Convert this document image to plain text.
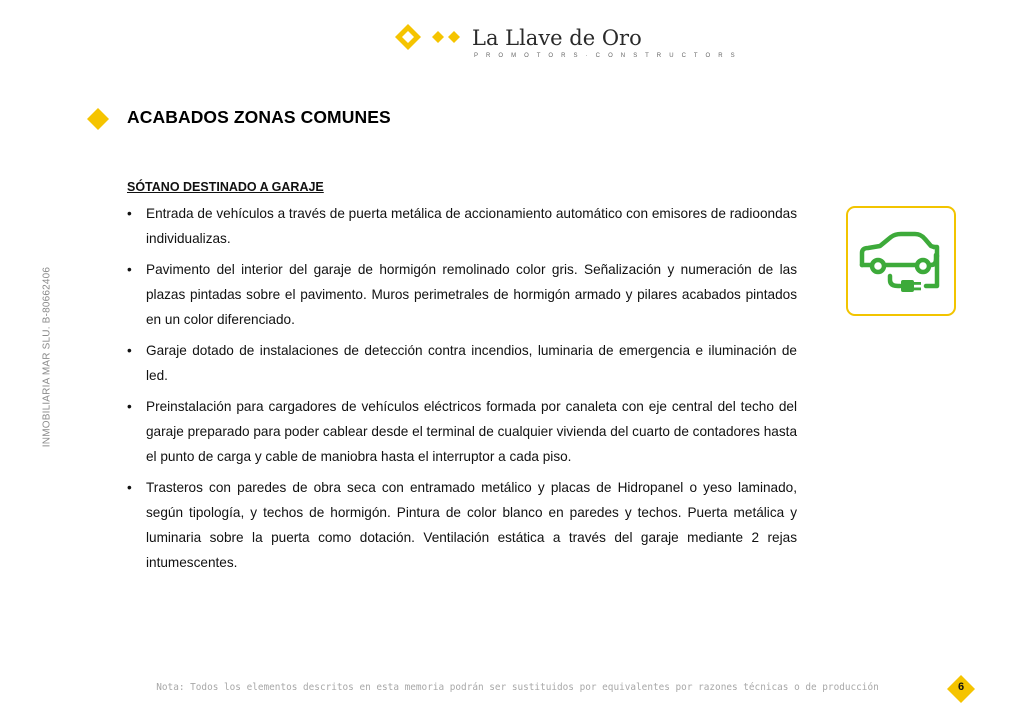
La Llave de Oro
P R O M O T O R S · C O N S T R U C T O R S
INMOBILIARIA MAR SLU. B-80662406
ACABADOS ZONAS COMUNES
SÓTANO DESTINADO A GARAJE
• Entrada de vehículos a través de puerta metálica de accionamiento automático con emisores de radioondas individualizas.
• Pavimento del interior del garaje de hormigón remolinado color gris. Señalización y numeración de las plazas pintadas sobre el pavimento. Muros perimetrales de hormigón armado y pilares acabados pintados en un color diferenciado.
• Garaje dotado de instalaciones de detección contra incendios, luminaria de emergencia e iluminación de led.
• Preinstalación para cargadores de vehículos eléctricos formada por canaleta con eje central del techo del garaje preparado para poder cablear desde el terminal de cualquier vivienda del cuarto de contadores hasta el punto de carga y cable de maniobra hasta el interruptor a cada piso.
• Trasteros con paredes de obra seca con entramado metálico y placas de Hidropanel o yeso laminado, según tipología, y techos de hormigón. Pintura de color blanco en paredes y techos. Puerta metálica y luminaria sobre la puerta como dotación. Ventilación estática a través del garaje mediante 2 rejas intumescentes.
Nota: Todos los elementos descritos en esta memoria podrán ser sustituidos por equivalentes por razones técnicas o de producción	6
